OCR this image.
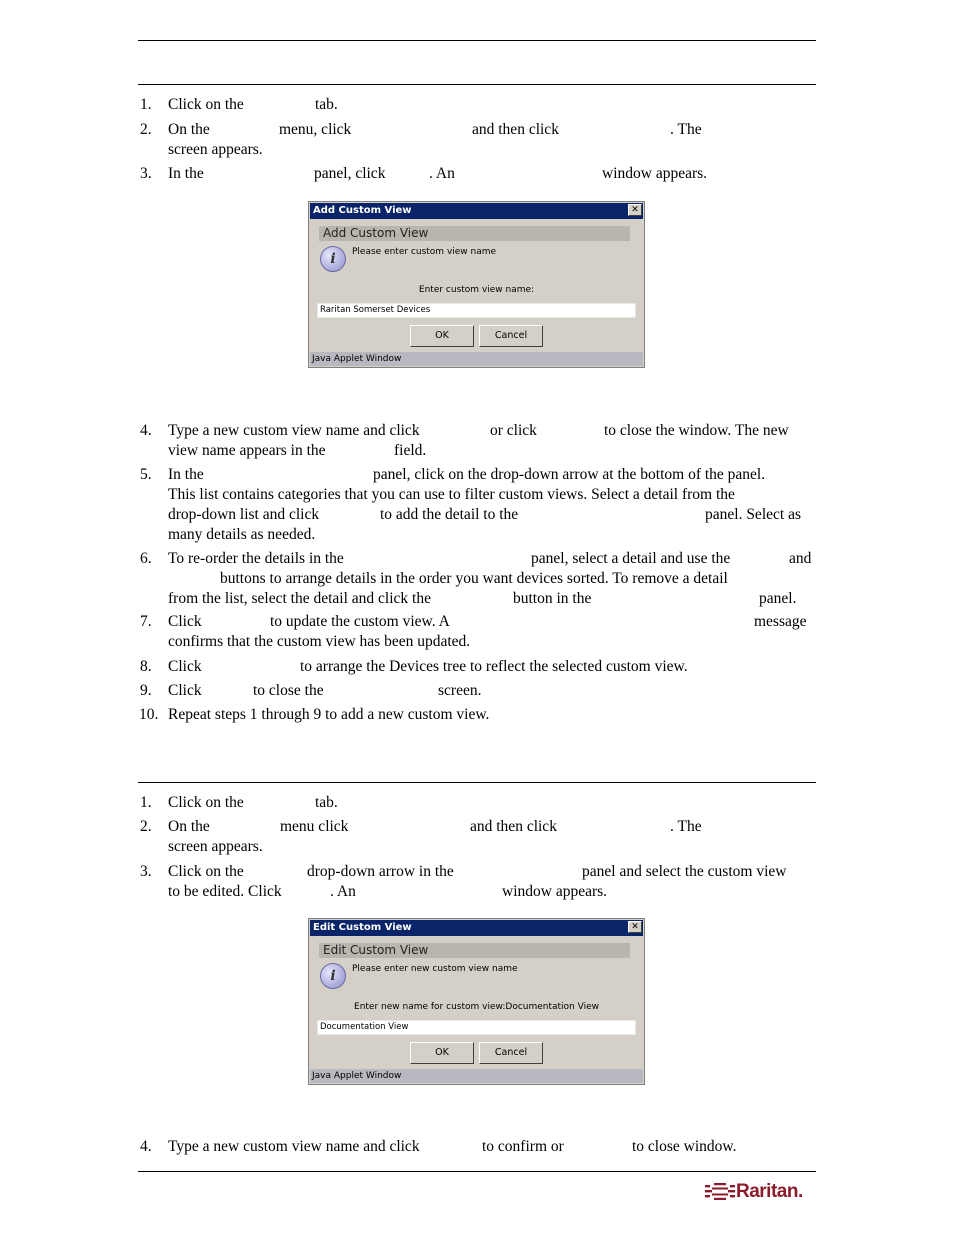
1.	Click on the	tab.
2.	On the	menu, click	and then click	. The
screen appears.
3.	In the	panel, click	. An	window appears.
Add Custom View	✕
Add Custom View
i	Please enter custom view name
Enter custom view name:
Raritan Somerset Devices
OK	Cancel
Java Applet Window
4.	Type a new custom view name and click	or click	to close the window. The new
view name appears in the	field.
5.	In the	panel, click on the drop-down arrow at the bottom of the panel.
This list contains categories that you can use to filter custom views. Select a detail from the
drop-down list and click	to add the detail to the	panel. Select as
many details as needed.
6.	To re-order the details in the	panel, select a detail and use the	and
buttons to arrange details in the order you want devices sorted. To remove a detail
from the list, select the detail and click the	button in the	panel.
7.	Click	to update the custom view. A	message
confirms that the custom view has been updated.
8.	Click	to arrange the Devices tree to reflect the selected custom view.
9.	Click	to close the	screen.
10. Repeat steps 1 through 9 to add a new custom view.
1.	Click on the	tab.
2.	On the	menu click	and then click	. The
screen appears.
3.	Click on the	drop-down arrow in the	panel and select the custom view
to be edited. Click	. An	window appears.
Edit Custom View	✕
Edit Custom View
i	Please enter new custom view name
Enter new name for custom view:Documentation View
Documentation View
OK	Cancel
Java Applet Window
4.	Type a new custom view name and click	to confirm or	to close window.
Raritan.
